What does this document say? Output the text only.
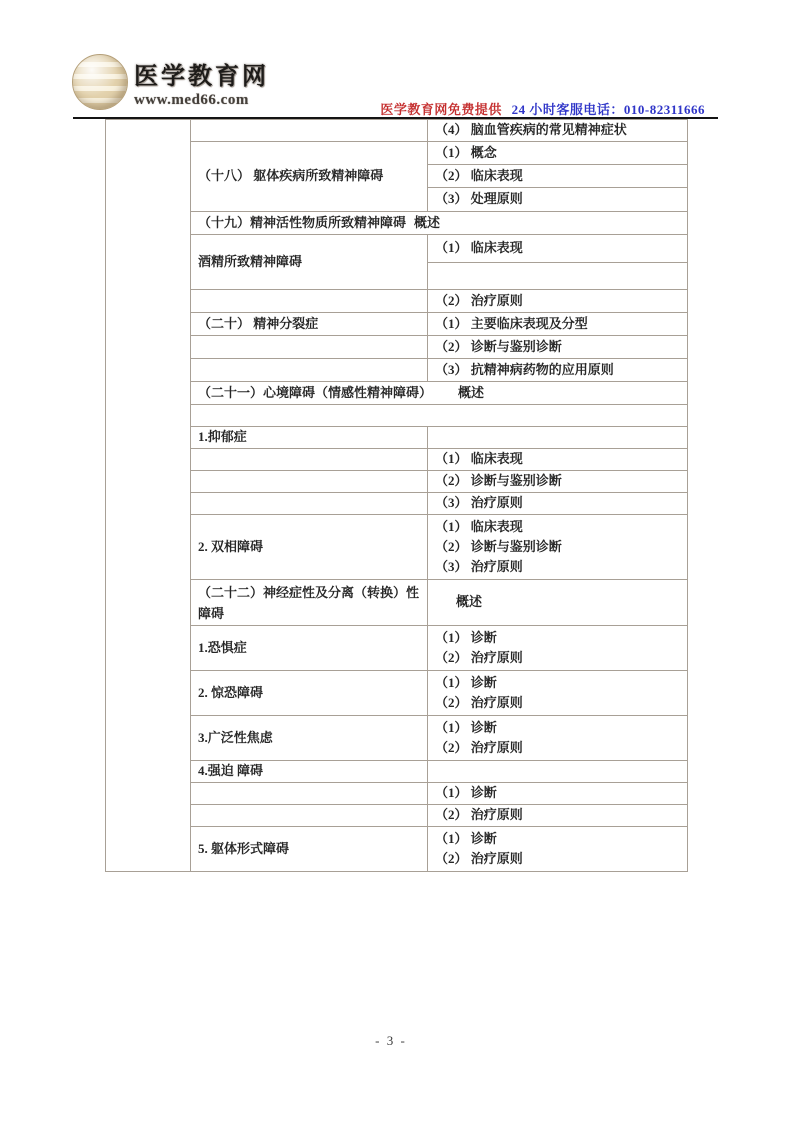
医学教育网
www.med66.com
医学教育网免费提供 24 小时客服电话：010-82311666
		（4） 脑血管疾病的常见精神症状
	（十八） 躯体疾病所致精神障碍	（1） 概念
		（2） 临床表现
		（3） 处理原则
	（十九）精神活性物质所致精神障碍 概述	
	酒精所致精神障碍	（1） 临床表现

		（2） 治疗原则
	（二十） 精神分裂症	（1） 主要临床表现及分型
		（2） 诊断与鉴别诊断
		（3） 抗精神病药物的应用原则
	（二十一）心境障碍（情感性精神障碍） 概述	

	1.抑郁症	
		（1） 临床表现
		（2） 诊断与鉴别诊断
		（3） 治疗原则
	2. 双相障碍	（1） 临床表现
（2） 诊断与鉴别诊断
（3） 治疗原则

	（二十二）神经症性及分离（转换）性障碍	概述
	1.恐惧症	（1） 诊断
（2） 治疗原则

	2. 惊恐障碍	（1） 诊断
（2） 治疗原则

	3.广泛性焦虑	（1） 诊断
（2） 治疗原则

	4.强迫 障碍	
		（1） 诊断
		（2） 治疗原则
	5. 躯体形式障碍	（1） 诊断
（2） 治疗原则
- 3 -
